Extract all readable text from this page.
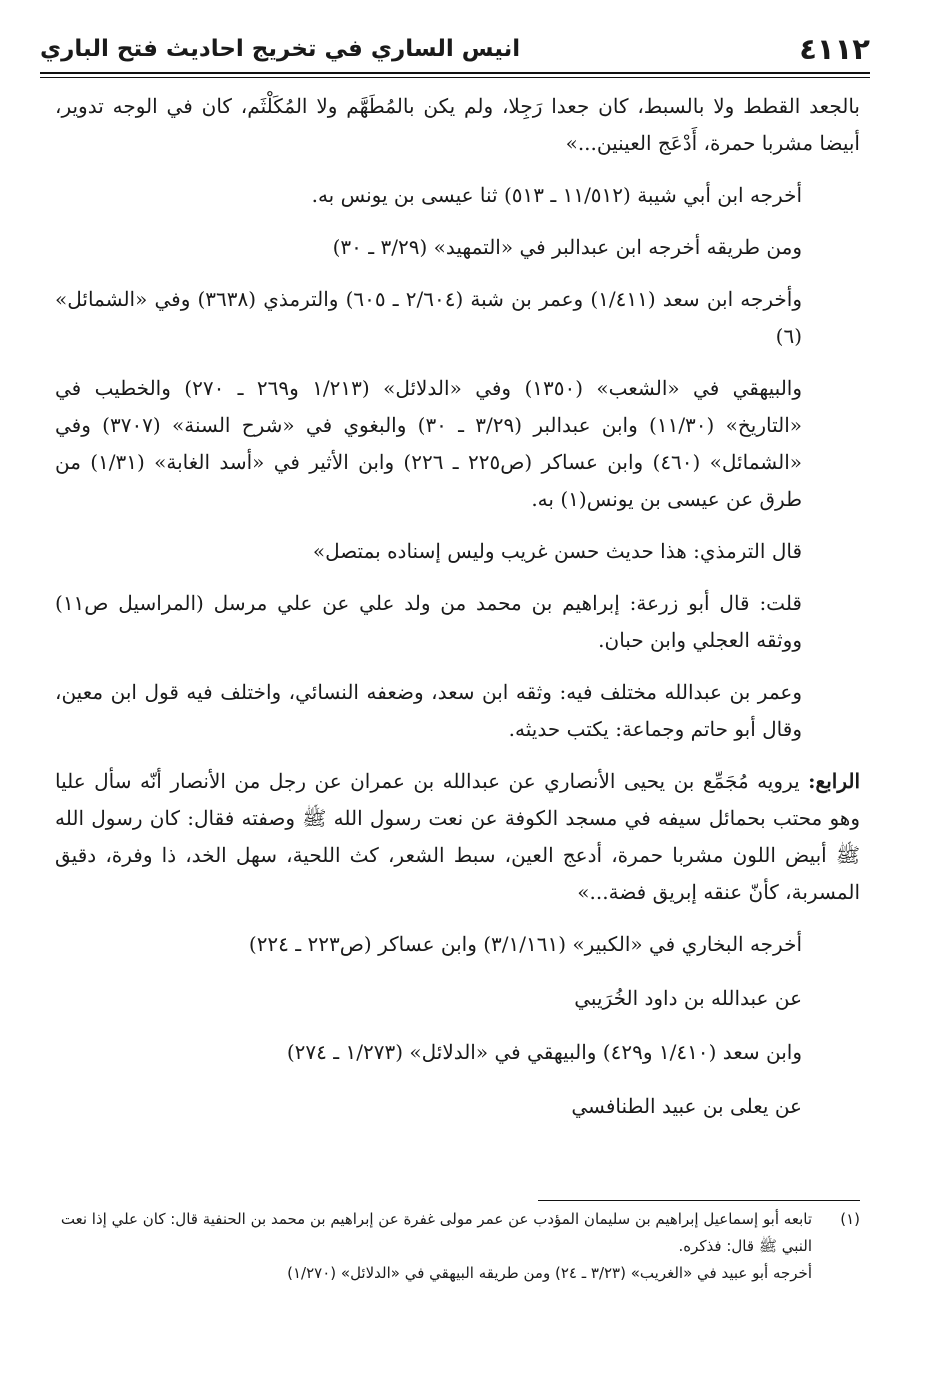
٤١١٢
انيس الساري في تخريج احاديث فتح الباري

بالجعد القطط ولا بالسبط، كان جعدا رَجِلا، ولم يكن بالمُطَهَّم ولا المُكَلْثَم، كان في الوجه تدوير، أبيضا مشربا حمرة، أَدْعَج العينين...»

أخرجه ابن أبي شيبة (١١/٥١٢ ـ ٥١٣) ثنا عيسى بن يونس به.

ومن طريقه أخرجه ابن عبدالبر في «التمهيد» (٣/٢٩ ـ ٣٠)

وأخرجه ابن سعد (١/٤١١) وعمر بن شبة (٢/٦٠٤ ـ ٦٠٥) والترمذي (٣٦٣٨) وفي «الشمائل» (٦)

والبيهقي في «الشعب» (١٣٥٠) وفي «الدلائل» (١/٢١٣ و٢٦٩ ـ ٢٧٠) والخطيب في «التاريخ» (١١/٣٠) وابن عبدالبر (٣/٢٩ ـ ٣٠) والبغوي في «شرح السنة» (٣٧٠٧) وفي «الشمائل» (٤٦٠) وابن عساكر (ص٢٢٥ ـ ٢٢٦) وابن الأثير في «أسد الغابة» (١/٣١) من طرق عن عيسى بن يونس(١) به.

قال الترمذي: هذا حديث حسن غريب وليس إسناده بمتصل»

قلت: قال أبو زرعة: إبراهيم بن محمد من ولد علي عن علي مرسل (المراسيل ص١١) ووثقه العجلي وابن حبان.

وعمر بن عبدالله مختلف فيه: وثقه ابن سعد، وضعفه النسائي، واختلف فيه قول ابن معين، وقال أبو حاتم وجماعة: يكتب حديثه.

الرابع: يرويه مُجَمِّع بن يحيى الأنصاري عن عبدالله بن عمران عن رجل من الأنصار أنّه سأل عليا وهو محتب بحمائل سيفه في مسجد الكوفة عن نعت رسول الله ﷺ وصفته فقال: كان رسول الله ﷺ أبيض اللون مشربا حمرة، أدعج العين، سبط الشعر، كث اللحية، سهل الخد، ذا وفرة، دقيق المسربة، كأنّ عنقه إبريق فضة...»

أخرجه البخاري في «الكبير» (٣/١/١٦١) وابن عساكر (ص٢٢٣ ـ ٢٢٤)

عن عبدالله بن داود الخُرَيبي

وابن سعد (١/٤١٠ و٤٢٩) والبيهقي في «الدلائل» (١/٢٧٣ ـ ٢٧٤)

عن يعلى بن عبيد الطنافسي

(١)

تابعه أبو إسماعيل إبراهيم بن سليمان المؤدب عن عمر مولى غفرة عن إبراهيم بن محمد بن الحنفية قال: كان علي إذا نعت النبي ﷺ قال: فذكره.

أخرجه أبو عبيد في «الغريب» (٣/٢٣ ـ ٢٤) ومن طريقه البيهقي في «الدلائل» (١/٢٧٠)
